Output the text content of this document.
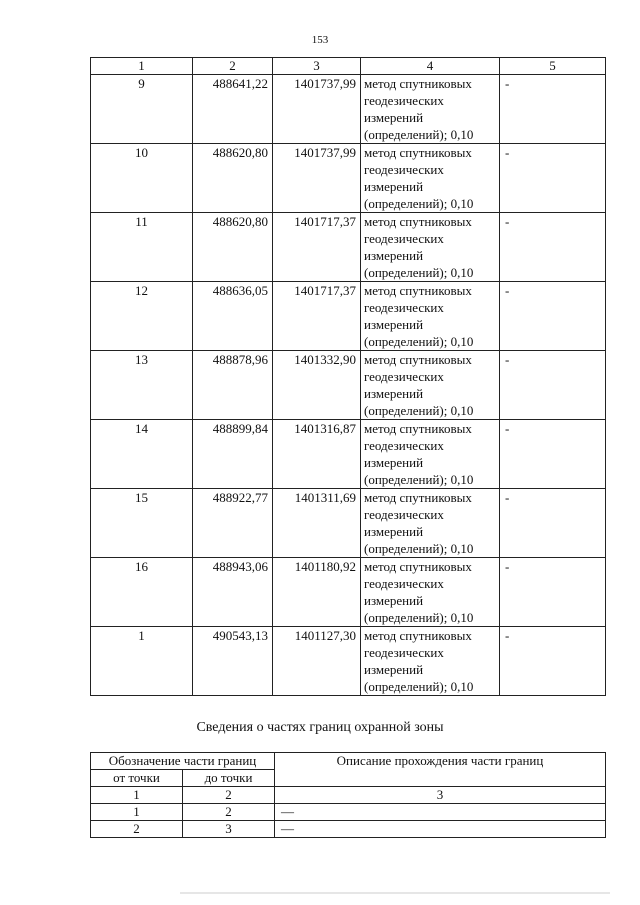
153
1	2	3	4	5
9	488641,22	1401737,99	метод спутниковых
геодезических
измерений
(определений); 0,10	-
10	488620,80	1401737,99	метод спутниковых
геодезических
измерений
(определений); 0,10	-
11	488620,80	1401717,37	метод спутниковых
геодезических
измерений
(определений); 0,10	-
12	488636,05	1401717,37	метод спутниковых
геодезических
измерений
(определений); 0,10	-
13	488878,96	1401332,90	метод спутниковых
геодезических
измерений
(определений); 0,10	-
14	488899,84	1401316,87	метод спутниковых
геодезических
измерений
(определений); 0,10	-
15	488922,77	1401311,69	метод спутниковых
геодезических
измерений
(определений); 0,10	-
16	488943,06	1401180,92	метод спутниковых
геодезических
измерений
(определений); 0,10	-
1	490543,13	1401127,30	метод спутниковых
геодезических
измерений
(определений); 0,10	-
Сведения о частях границ охранной зоны
Обозначение части границ		Описание прохождения части границ
от точки	до точки	
1	2	3
1	2	—
2	3	—
